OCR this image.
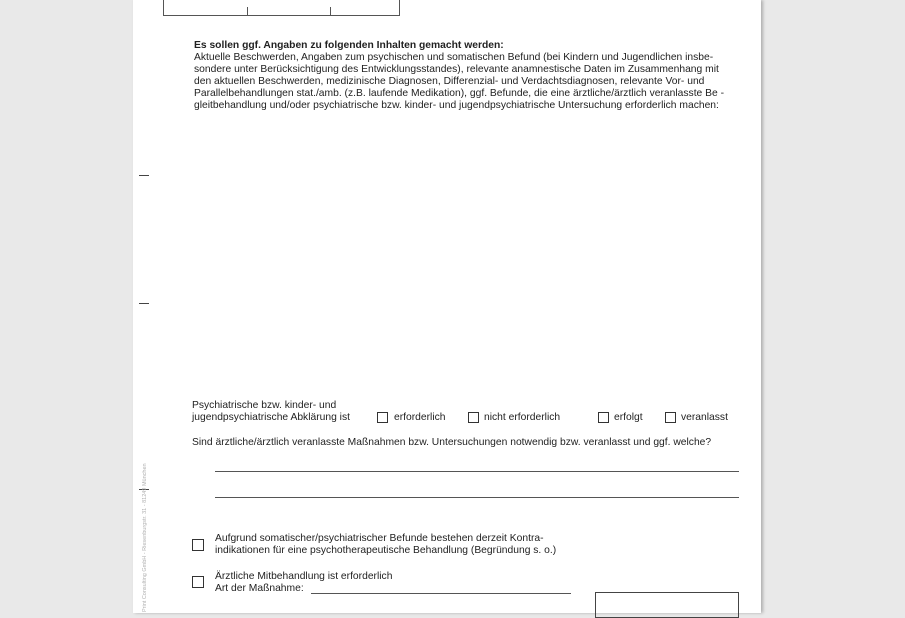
Print Consulting GmbH - Riesenburgstr. 31 - 81249 München
Es sollen ggf. Angaben zu folgenden Inhalten gemacht werden:
Aktuelle Beschwerden, Angaben zum psychischen und somatischen Befund (bei Kindern und Jugendlichen insbe-
sondere unter Berücksichtigung des Entwicklungsstandes), relevante anamnestische Daten im Zusammenhang mit
den aktuellen Beschwerden, medizinische Diagnosen, Differenzial- und Verdachtsdiagnosen, relevante Vor- und
Parallelbehandlungen stat./amb. (z.B. laufende Medikation), ggf. Befunde, die eine ärztliche/ärztlich veranlasste Be -
gleitbehandlung und/oder psychiatrische bzw. kinder- und jugendpsychiatrische Untersuchung erforderlich machen:
Psychiatrische bzw. kinder- und
jugendpsychiatrische Abklärung ist	erforderlich	nicht erforderlich	erfolgt	veranlasst
Sind ärztliche/ärztlich veranlasste Maßnahmen bzw. Untersuchungen notwendig bzw. veranlasst und ggf. welche?
Aufgrund somatischer/psychiatrischer Befunde bestehen derzeit Kontra-
indikationen für eine psychotherapeutische Behandlung (Begründung s. o.)
Ärztliche Mitbehandlung ist erforderlich
Art der Maßnahme:
